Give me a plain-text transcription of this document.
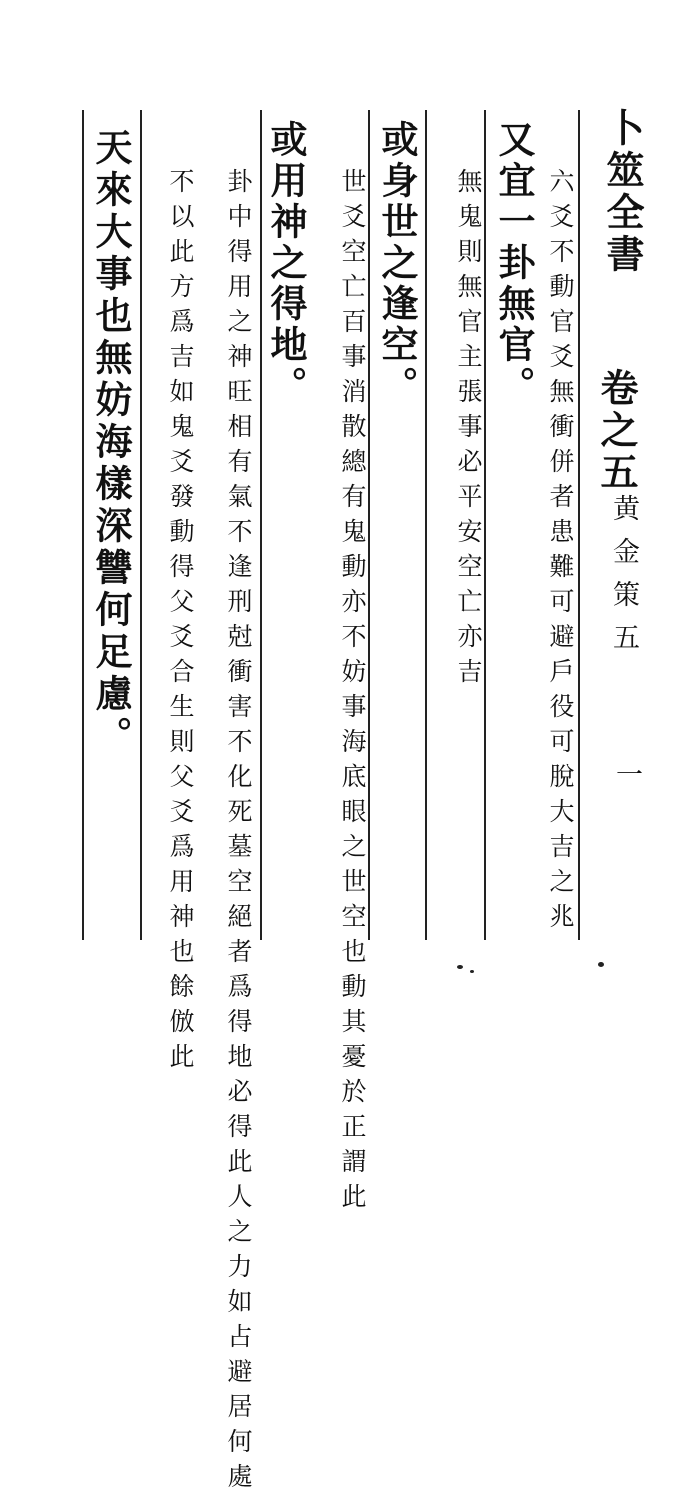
卜筮全書
卷之五
黄金策五
一
又宜一卦無官。 六爻不動官爻無衝併者患難可避戶役可脫大吉之兆
無鬼則無官主張事必平安空亡亦吉
或身世之逢空。
世爻空亡百事消散總有鬼動亦不妨事海底眼之世空也動其憂於正謂此
或用神之得地。
卦中得用之神旺相有氣不逢刑尅衝害不化死墓空絕者爲得地必得此人之力如占避居何處
不以此方爲吉如鬼爻發動得父爻合生則父爻爲用神也餘倣此
天來大事也無妨海樣深讐何足慮。
